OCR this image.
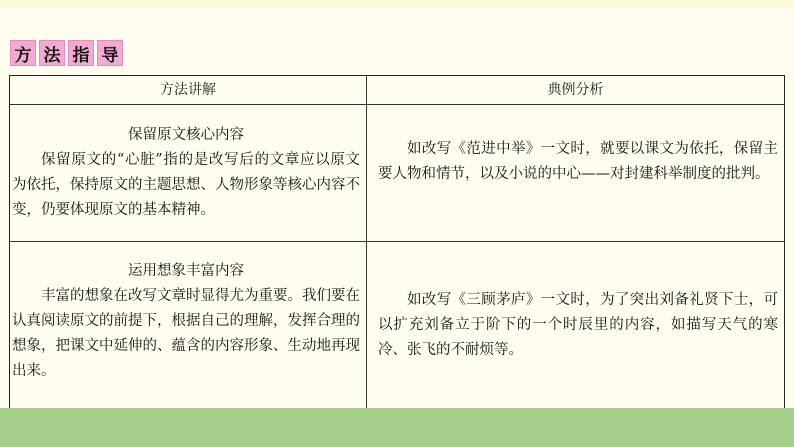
方 法 指 导
方法讲解	典例分析

保留原文核心内容

保留原文的“心脏”指的是改写后的文章应以原文为依托，保持原文的主题思想、人物形象等核心内容不变，仍要体现原文的基本精神。

如改写《范进中举》一文时，就要以课文为依托，保留主要人物和情节，以及小说的中心——对封建科举制度的批判。

运用想象丰富内容

丰富的想象在改写文章时显得尤为重要。我们要在认真阅读原文的前提下，根据自己的理解，发挥合理的想象，把课文中延伸的、蕴含的内容形象、生动地再现出来。

如改写《三顾茅庐》一文时，为了突出刘备礼贤下士，可以扩充刘备立于阶下的一个时辰里的内容，如描写天气的寒冷、张飞的不耐烦等。
